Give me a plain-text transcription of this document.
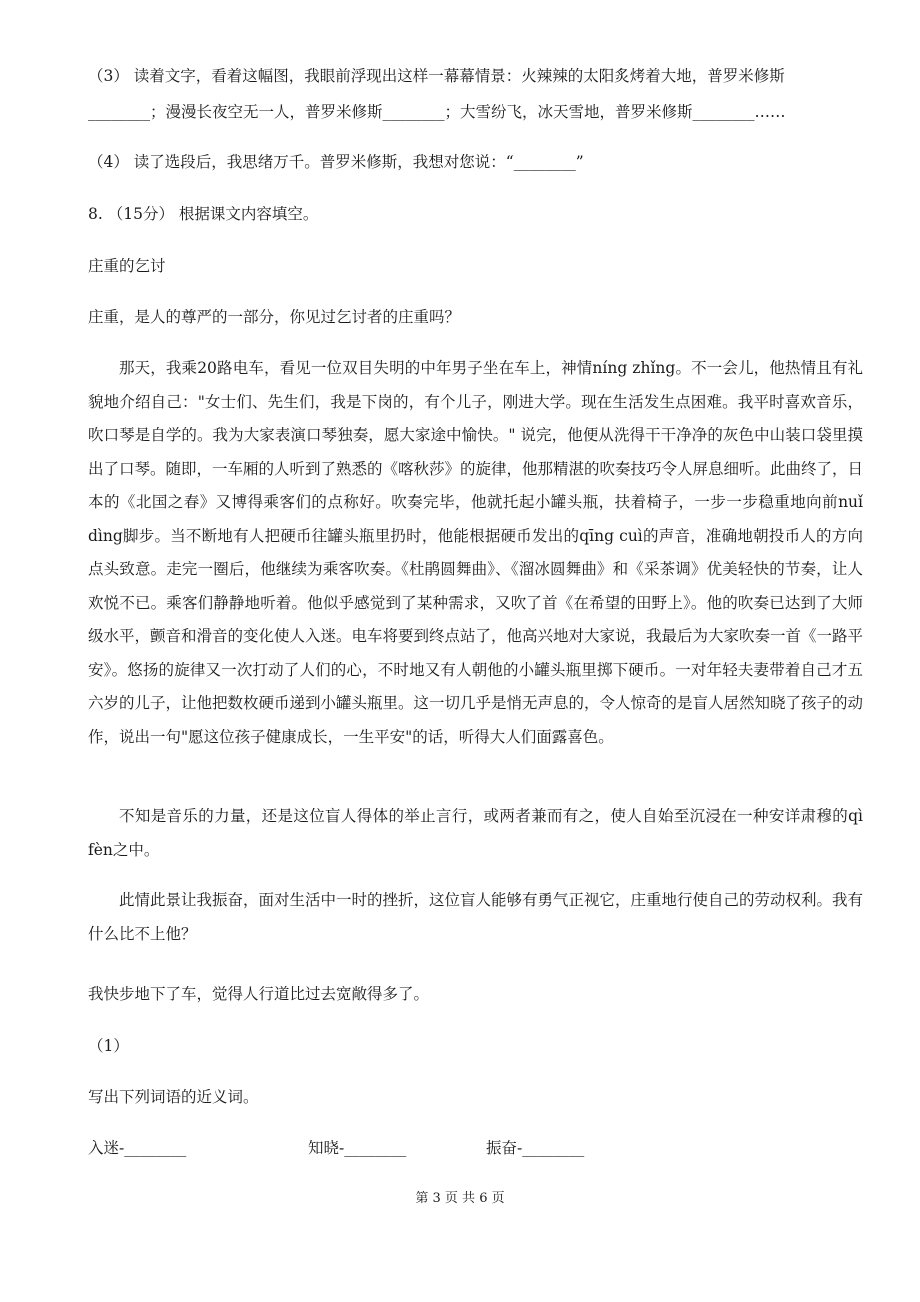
（3） 读着文字，看着这幅图，我眼前浮现出这样一幕幕情景：火辣辣的太阳炙烤着大地，普罗米修斯
________；漫漫长夜空无一人，普罗米修斯________；大雪纷飞，冰天雪地，普罗米修斯________……
（4） 读了选段后，我思绪万千。普罗米修斯，我想对您说：“________”
8. （15分） 根据课文内容填空。
庄重的乞讨
庄重，是人的尊严的一部分，你见过乞讨者的庄重吗？
那天，我乘20路电车，看见一位双目失明的中年男子坐在车上，神情níng zhǐng。不一会儿，他热情且有礼貌地介绍自己："女士们、先生们，我是下岗的，有个儿子，刚进大学。现在生活发生点困难。我平时喜欢音乐，吹口琴是自学的。我为大家表演口琴独奏，愿大家途中愉快。" 说完，他便从洗得干干净净的灰色中山装口袋里摸出了口琴。随即，一车厢的人听到了熟悉的《喀秋莎》的旋律，他那精湛的吹奏技巧令人屏息细听。此曲终了，日本的《北国之春》又博得乘客们的点称好。吹奏完毕，他就托起小罐头瓶，扶着椅子，一步一步稳重地向前nuǐ dìng脚步。当不断地有人把硬币往罐头瓶里扔时，他能根据硬币发出的qīng cuì的声音，准确地朝投币人的方向点头致意。走完一圈后，他继续为乘客吹奏。《杜鹃圆舞曲》、《溜冰圆舞曲》和《采茶调》优美轻快的节奏，让人欢悦不已。乘客们静静地听着。他似乎感觉到了某种需求，又吹了首《在希望的田野上》。他的吹奏已达到了大师级水平，颤音和滑音的变化使人入迷。电车将要到终点站了，他高兴地对大家说，我最后为大家吹奏一首《一路平安》。悠扬的旋律又一次打动了人们的心，不时地又有人朝他的小罐头瓶里掷下硬币。一对年轻夫妻带着自己才五六岁的儿子，让他把数枚硬币递到小罐头瓶里。这一切几乎是悄无声息的，令人惊奇的是盲人居然知晓了孩子的动作，说出一句"愿这位孩子健康成长，一生平安"的话，听得大人们面露喜色。
不知是音乐的力量，还是这位盲人得体的举止言行，或两者兼而有之，使人自始至沉浸在一种安详肃穆的qì fèn之中。
此情此景让我振奋，面对生活中一时的挫折，这位盲人能够有勇气正视它，庄重地行使自己的劳动权利。我有什么比不上他？
我快步地下了车，觉得人行道比过去宽敞得多了。
（1）
写出下列词语的近义词。
入迷-________	知晓-________	振奋-________
第 3 页 共 6 页
